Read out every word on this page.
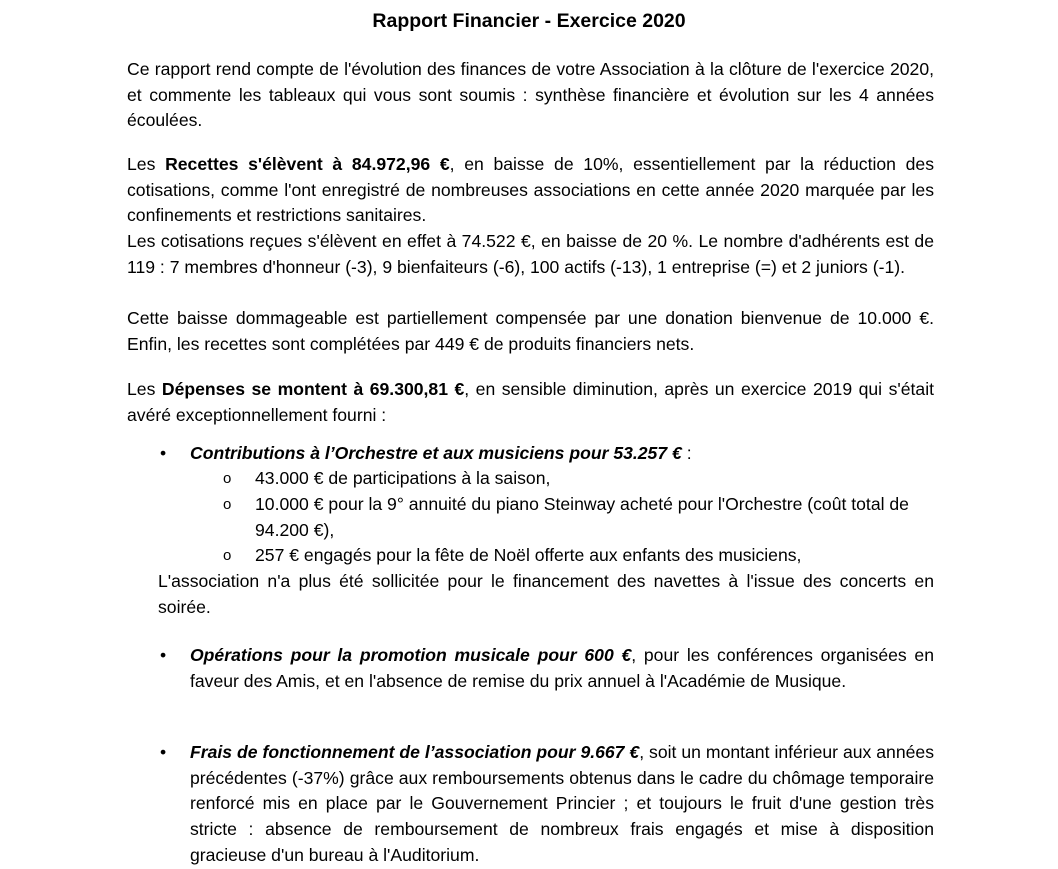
Rapport Financier - Exercice 2020

Ce rapport rend compte de l'évolution des finances de votre Association à la clôture de l'exercice 2020, et commente les tableaux qui vous sont soumis : synthèse financière et évolution sur les 4 années écoulées.

Les Recettes s'élèvent à 84.972,96 €, en baisse de 10%, essentiellement par la réduction des cotisations, comme l'ont enregistré de nombreuses associations en cette année 2020 marquée par les confinements et restrictions sanitaires.

Les cotisations reçues s'élèvent en effet à 74.522 €, en baisse de 20 %. Le nombre d'adhérents est de 119 : 7 membres d'honneur (-3), 9 bienfaiteurs (-6), 100 actifs (-13), 1 entreprise (=) et 2 juniors (-1).

Cette baisse dommageable est partiellement compensée par une donation bienvenue de 10.000 €. Enfin, les recettes sont complétées par 449 € de produits financiers nets.

Les Dépenses se montent à 69.300,81 €, en sensible diminution, après un exercice 2019 qui s'était avéré exceptionnellement fourni :

• Contributions à l’Orchestre et aux musiciens pour 53.257 € :
o 43.000 € de participations à la saison,
o 10.000 € pour la 9° annuité du piano Steinway acheté pour l'Orchestre (coût total de 94.200 €),
o 257 € engagés pour la fête de Noël offerte aux enfants des musiciens,

L'association n'a plus été sollicitée pour le financement des navettes à l'issue des concerts en soirée.

• Opérations pour la promotion musicale pour 600 €, pour les conférences organisées en faveur des Amis, et en l'absence de remise du prix annuel à l'Académie de Musique.
• Frais de fonctionnement de l’association pour 9.667 €, soit un montant inférieur aux années précédentes (-37%) grâce aux remboursements obtenus dans le cadre du chômage temporaire renforcé mis en place par le Gouvernement Princier ; et toujours le fruit d'une gestion très stricte : absence de remboursement de nombreux frais engagés et mise à disposition gracieuse d'un bureau à l'Auditorium.
